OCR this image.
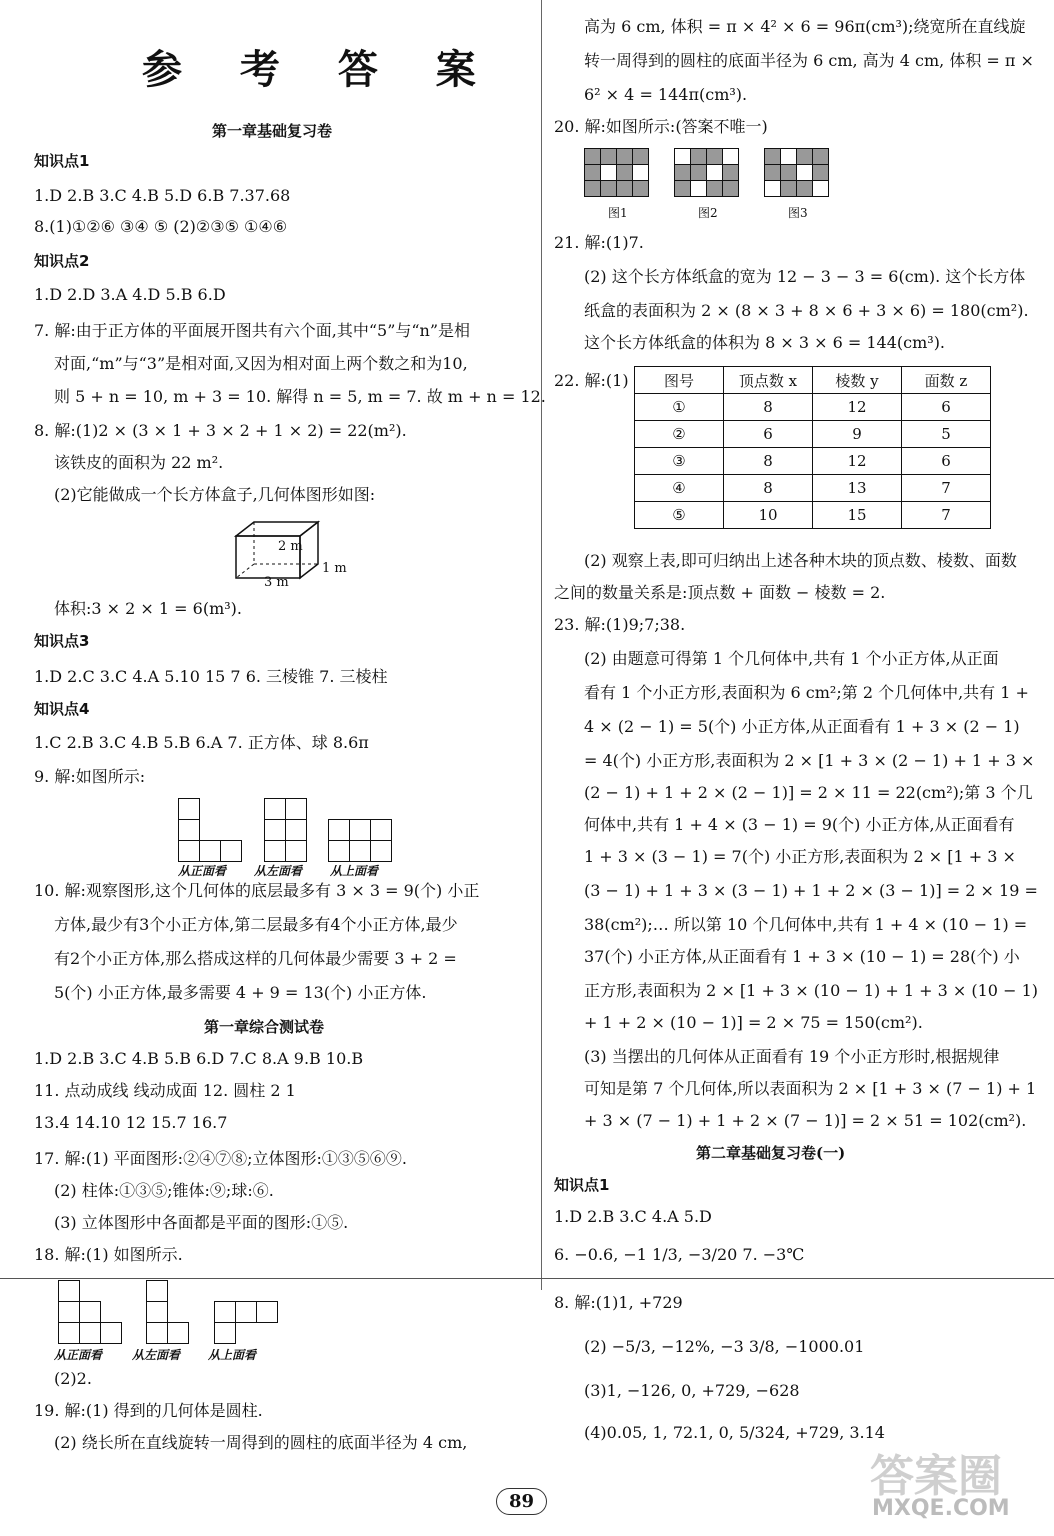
参 考 答 案
第一章基础复习卷
知识点1
1.D 2.B 3.C 4.B 5.D 6.B 7.37.68
8.(1)①②⑥ ③④ ⑤ (2)②③⑤ ①④⑥
知识点2
1.D 2.D 3.A 4.D 5.B 6.D
7. 解:由于正方体的平面展开图共有六个面,其中“5”与“n”是相
对面,“m”与“3”是相对面,又因为相对面上两个数之和为10,
则 5 + n = 10, m + 3 = 10. 解得 n = 5, m = 7. 故 m + n = 12.
8. 解:(1)2 × (3 × 1 + 3 × 2 + 1 × 2) = 22(m²).
该铁皮的面积为 22 m².
(2)它能做成一个长方体盒子,几何体图形如图:
2 m
1 m
3 m
体积:3 × 2 × 1 = 6(m³).
知识点3
1.D 2.C 3.C 4.A 5.10 15 7 6. 三棱锥 7. 三棱柱
知识点4
1.C 2.B 3.C 4.B 5.B 6.A 7. 正方体、球 8.6π
9. 解:如图所示:
从正面看 从左面看 从上面看
10. 解:观察图形,这个几何体的底层最多有 3 × 3 = 9(个) 小正
方体,最少有3个小正方体,第二层最多有4个小正方体,最少
有2个小正方体,那么搭成这样的几何体最少需要 3 + 2 =
5(个) 小正方体,最多需要 4 + 9 = 13(个) 小正方体.
第一章综合测试卷
1.D 2.B 3.C 4.B 5.B 6.D 7.C 8.A 9.B 10.B
11. 点动成线 线动成面 12. 圆柱 2 1
13.4 14.10 12 15.7 16.7
17. 解:(1) 平面图形:②④⑦⑧;立体图形:①③⑤⑥⑨.
(2) 柱体:①③⑤;锥体:⑨;球:⑥.
(3) 立体图形中各面都是平面的图形:①⑤.
18. 解:(1) 如图所示.
从正面看 从左面看 从上面看
(2)2.
19. 解:(1) 得到的几何体是圆柱.
(2) 绕长所在直线旋转一周得到的圆柱的底面半径为 4 cm,
高为 6 cm, 体积 = π × 4² × 6 = 96π(cm³);绕宽所在直线旋
转一周得到的圆柱的底面半径为 6 cm, 高为 4 cm, 体积 = π ×
6² × 4 = 144π(cm³).
20. 解:如图所示:(答案不唯一)
图1	图2	图3
21. 解:(1)7.
(2) 这个长方体纸盒的宽为 12 − 3 − 3 = 6(cm). 这个长方体
纸盒的表面积为 2 × (8 × 3 + 8 × 6 + 3 × 6) = 180(cm²).
这个长方体纸盒的体积为 8 × 3 × 6 = 144(cm³).
22. 解:(1) 图号	顶点数 x	棱数 y	面数 z
①	8	12	6
②	6	9	5
③	8	12	6
④	8	13	7
⑤	10	15	7
(2) 观察上表,即可归纳出上述各种木块的顶点数、棱数、面数
之间的数量关系是:顶点数 + 面数 − 棱数 = 2.
23. 解:(1)9;7;38.
(2) 由题意可得第 1 个几何体中,共有 1 个小正方体,从正面
看有 1 个小正方形,表面积为 6 cm²;第 2 个几何体中,共有 1 +
4 × (2 − 1) = 5(个) 小正方体,从正面看有 1 + 3 × (2 − 1)
= 4(个) 小正方形,表面积为 2 × [1 + 3 × (2 − 1) + 1 + 3 ×
(2 − 1) + 1 + 2 × (2 − 1)] = 2 × 11 = 22(cm²);第 3 个几
何体中,共有 1 + 4 × (3 − 1) = 9(个) 小正方体,从正面看有
1 + 3 × (3 − 1) = 7(个) 小正方形,表面积为 2 × [1 + 3 ×
(3 − 1) + 1 + 3 × (3 − 1) + 1 + 2 × (3 − 1)] = 2 × 19 =
38(cm²);… 所以第 10 个几何体中,共有 1 + 4 × (10 − 1) =
37(个) 小正方体,从正面看有 1 + 3 × (10 − 1) = 28(个) 小
正方形,表面积为 2 × [1 + 3 × (10 − 1) + 1 + 3 × (10 − 1)
+ 1 + 2 × (10 − 1)] = 2 × 75 = 150(cm²).
(3) 当摆出的几何体从正面看有 19 个小正方形时,根据规律
可知是第 7 个几何体,所以表面积为 2 × [1 + 3 × (7 − 1) + 1
+ 3 × (7 − 1) + 1 + 2 × (7 − 1)] = 2 × 51 = 102(cm²).
第二章基础复习卷(一)
知识点1
1.D 2.B 3.C 4.A 5.D
6. −0.6, −1 1/3, −3/20 7. −3℃
8. 解:(1)1, +729
(2) −5/3, −12%, −3 3/8, −1000.01
(3)1, −126, 0, +729, −628
(4)0.05, 1, 72.1, 0, 5/324, +729, 3.14
89	答案圈
MXQE.COM
